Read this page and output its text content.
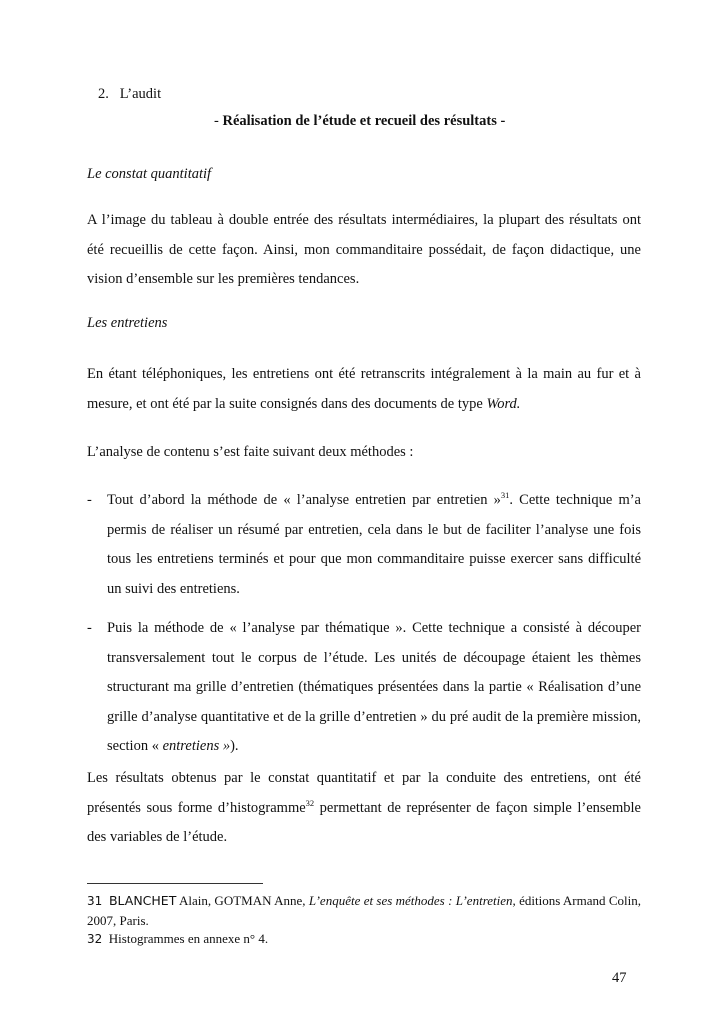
2. L’audit
- Réalisation de l’étude et recueil des résultats -
Le constat quantitatif
A l’image du tableau à double entrée des résultats intermédiaires, la plupart des résultats ont été recueillis de cette façon. Ainsi, mon commanditaire possédait, de façon didactique, une vision d’ensemble sur les premières tendances.
Les entretiens
En étant téléphoniques, les entretiens ont été retranscrits intégralement à la main au fur et à mesure, et ont été par la suite consignés dans des documents de type Word.
L’analyse de contenu s’est faite suivant deux méthodes :
- Tout d’abord la méthode de « l’analyse entretien par entretien »$^{31}$. Cette technique m’a permis de réaliser un résumé par entretien, cela dans le but de faciliter l’analyse une fois tous les entretiens terminés et pour que mon commanditaire puisse exercer sans difficulté un suivi des entretiens.
- Puis la méthode de « l’analyse par thématique ». Cette technique a consisté à découper transversalement tout le corpus de l’étude. Les unités de découpage étaient les thèmes structurant ma grille d’entretien (thématiques présentées dans la partie « Réalisation d’une grille d’analyse quantitative et de la grille d’entretien » du pré audit de la première mission, section « entretiens »).
Les résultats obtenus par le constat quantitatif et par la conduite des entretiens, ont été présentés sous forme d’histogramme$^{32}$ permettant de représenter de façon simple l’ensemble des variables de l’étude.
31 BLANCHET Alain, GOTMAN Anne, L’enquête et ses méthodes : L’entretien, éditions Armand Colin, 2007, Paris.
32 Histogrammes en annexe n° 4.
47
